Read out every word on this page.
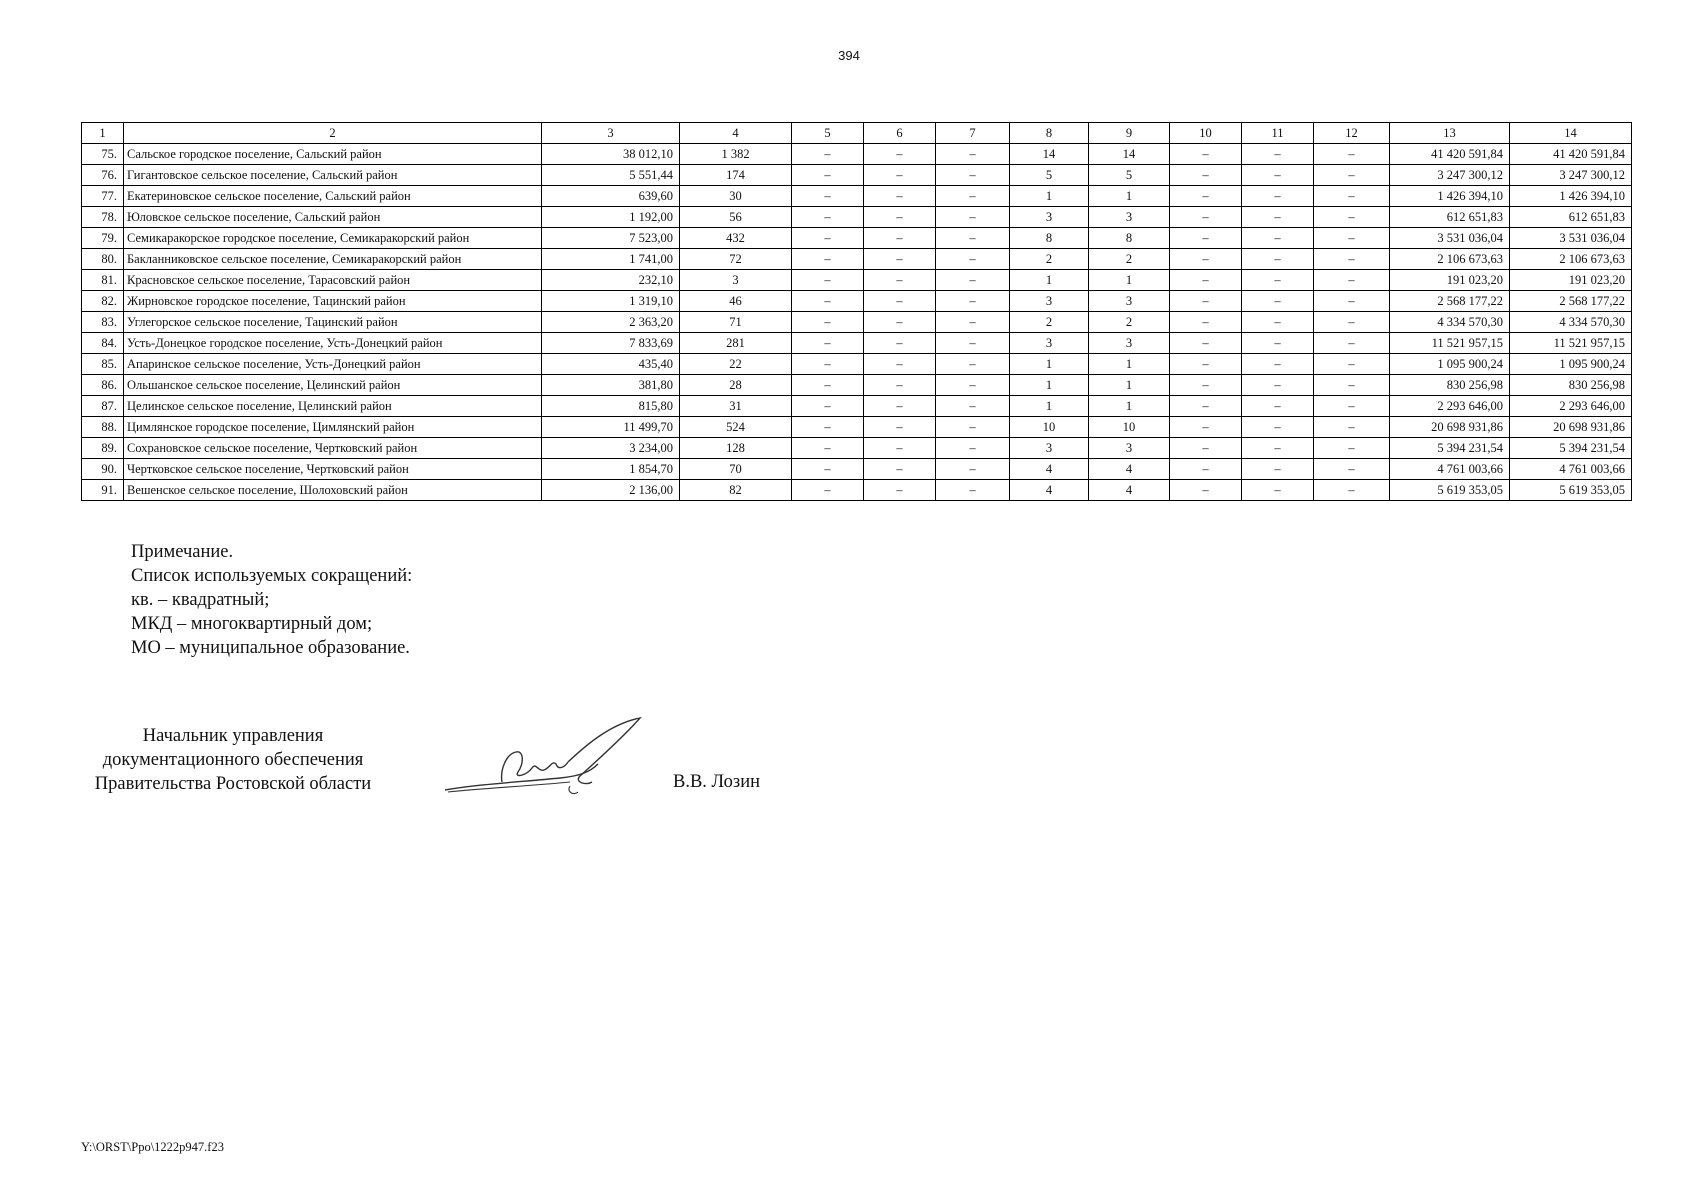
394
1	2	3	4	5	6	7	8	9	10	11	12	13	14
75.	Сальское городское поселение, Сальский район	38 012,10	1 382	–	–	–	14	14	–	–	–	41 420 591,84	41 420 591,84
76.	Гигантовское сельское поселение, Сальский район	5 551,44	174	–	–	–	5	5	–	–	–	3 247 300,12	3 247 300,12
77.	Екатериновское сельское поселение, Сальский район	639,60	30	–	–	–	1	1	–	–	–	1 426 394,10	1 426 394,10
78.	Юловское сельское поселение, Сальский район	1 192,00	56	–	–	–	3	3	–	–	–	612 651,83	612 651,83
79.	Семикаракорское городское поселение, Семикаракорский район	7 523,00	432	–	–	–	8	8	–	–	–	3 531 036,04	3 531 036,04
80.	Бакланниковское сельское поселение, Семикаракорский район	1 741,00	72	–	–	–	2	2	–	–	–	2 106 673,63	2 106 673,63
81.	Красновское сельское поселение, Тарасовский район	232,10	3	–	–	–	1	1	–	–	–	191 023,20	191 023,20
82.	Жирновское городское поселение, Тацинский район	1 319,10	46	–	–	–	3	3	–	–	–	2 568 177,22	2 568 177,22
83.	Углегорское сельское поселение, Тацинский район	2 363,20	71	–	–	–	2	2	–	–	–	4 334 570,30	4 334 570,30
84.	Усть-Донецкое городское поселение, Усть-Донецкий район	7 833,69	281	–	–	–	3	3	–	–	–	11 521 957,15	11 521 957,15
85.	Апаринское сельское поселение, Усть-Донецкий район	435,40	22	–	–	–	1	1	–	–	–	1 095 900,24	1 095 900,24
86.	Ольшанское сельское поселение, Целинский район	381,80	28	–	–	–	1	1	–	–	–	830 256,98	830 256,98
87.	Целинское сельское поселение, Целинский район	815,80	31	–	–	–	1	1	–	–	–	2 293 646,00	2 293 646,00
88.	Цимлянское городское поселение, Цимлянский район	11 499,70	524	–	–	–	10	10	–	–	–	20 698 931,86	20 698 931,86
89.	Сохрановское сельское поселение, Чертковский район	3 234,00	128	–	–	–	3	3	–	–	–	5 394 231,54	5 394 231,54
90.	Чертковское сельское поселение, Чертковский район	1 854,70	70	–	–	–	4	4	–	–	–	4 761 003,66	4 761 003,66
91.	Вешенское сельское поселение, Шолоховский район	2 136,00	82	–	–	–	4	4	–	–	–	5 619 353,05	5 619 353,05
Примечание.
Список используемых сокращений:
кв. – квадратный;
МКД – многоквартирный дом;
МО – муниципальное образование.
Начальник управления
документационного обеспечения
Правительства Ростовской области	В.В. Лозин
Y:\ORST\Ppo\1222p947.f23
